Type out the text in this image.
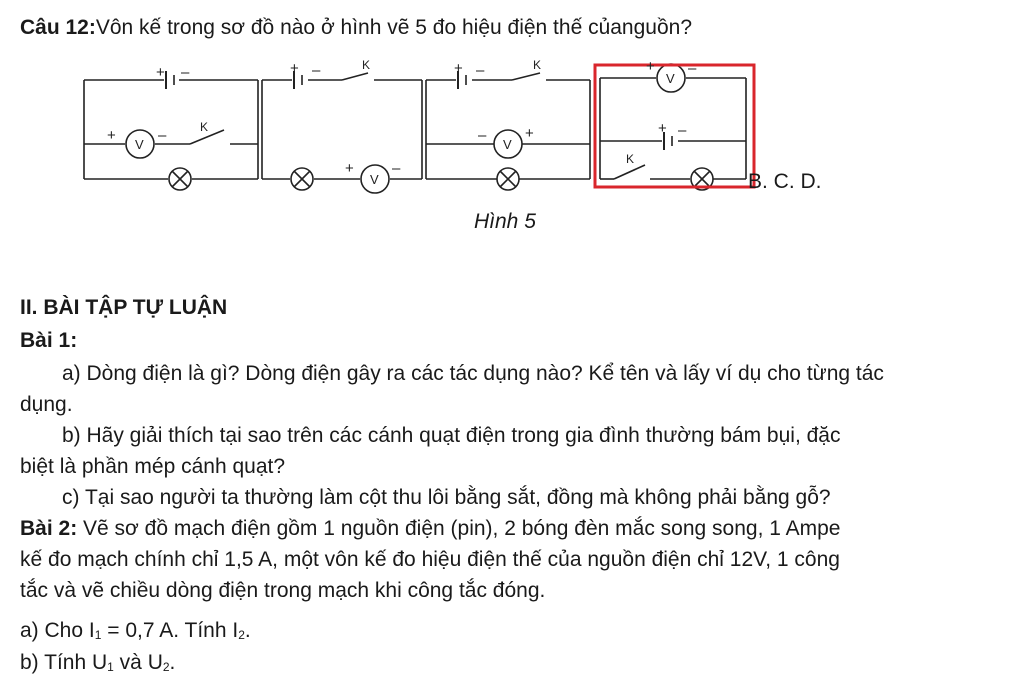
Câu 12:Vôn kế trong sơ đồ nào ở hình vẽ 5 đo hiệu điện thế củanguồn?
+ –
+	–
V
K
+ –	K
+	–
V
+ –	K
–	+
V
+ –
V
+ –
K
B. C. D.
Hình 5
II. BÀI TẬP TỰ LUẬN
Bài 1:
a) Dòng điện là gì? Dòng điện gây ra các tác dụng nào? Kể tên và lấy ví dụ cho từng tác
dụng.
b) Hãy giải thích tại sao trên các cánh quạt điện trong gia đình thường bám bụi, đặc
biệt là phần mép cánh quạt?
c) Tại sao người ta thường làm cột thu lôi bằng sắt, đồng mà không phải bằng gỗ?
Bài 2: Vẽ sơ đồ mạch điện gồm 1 nguồn điện (pin), 2 bóng đèn mắc song song, 1 Ampe
kế đo mạch chính chỉ 1,5 A, một vôn kế đo hiệu điện thế của nguồn điện chỉ 12V, 1 công
tắc và vẽ chiều dòng điện trong mạch khi công tắc đóng.
a) Cho I1 = 0,7 A. Tính I2.
b) Tính U1 và U2.
